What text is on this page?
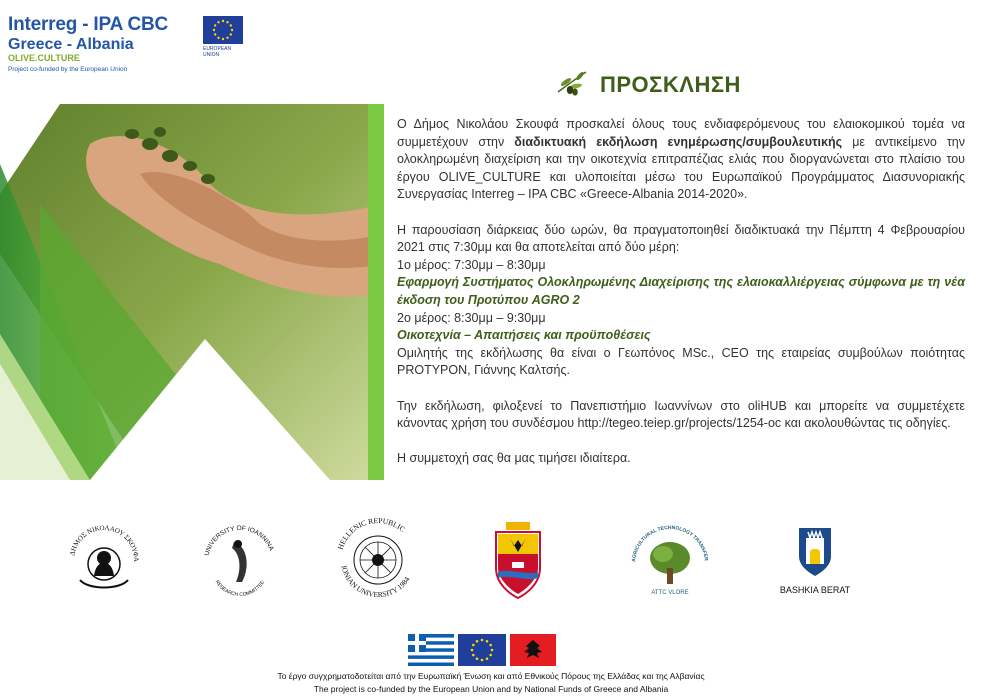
Interreg - IPA CBC
Greece - Albania
OLIVE.CULTURE
Project co-funded by the European Union
EUROPEAN UNION
ΠΡΟΣΚΛΗΣΗ

Ο Δήμος Νικολάου Σκουφά προσκαλεί όλους τους ενδιαφερόμενους του ελαιοκομικού τομέα να συμμετέχουν στην διαδικτυακή εκδήλωση ενημέρωσης/συμβουλευτικής με αντικείμενο την ολοκληρωμένη διαχείριση και την οικοτεχνία επιτραπέζιας ελιάς που διοργανώνεται στο πλαίσιο του έργου OLIVE_CULTURE και υλοποιείται μέσω του Ευρωπαϊκού Προγράμματος Διασυνοριακής Συνεργασίας Interreg – IPA CBC «Greece-Albania 2014-2020».

Η παρουσίαση διάρκειας δύο ωρών, θα πραγματοποιηθεί διαδικτυακά την Πέμπτη 4 Φεβρουαρίου 2021 στις 7:30μμ και θα αποτελείται από δύο μέρη:

1ο μέρος: 7:30μμ – 8:30μμ

Εφαρμογή Συστήματος Ολοκληρωμένης Διαχείρισης της ελαιοκαλλιέργειας σύμφωνα με τη νέα έκδοση του Προτύπου AGRO 2

2ο μέρος: 8:30μμ – 9:30μμ

Οικοτεχνία – Απαιτήσεις και προϋποθέσεις

Ομιλητής της εκδήλωσης θα είναι ο Γεωπόνος MSc., CEO της εταιρείας συμβούλων ποιότητας PROTYPON, Γιάννης Καλτσής.

Την εκδήλωση, φιλοξενεί το Πανεπιστήμιο Ιωαννίνων στο oliHUB και μπορείτε να συμμετέχετε κάνοντας χρήση του συνδέσμου http://tegeo.teiep.gr/projects/1254-oc και ακολουθώντας τις οδηγίες.

Η συμμετοχή σας θα μας τιμήσει ιδιαίτερα.

ΔΗΜΟΣ ΝΙΚΟΛΑΟΥ ΣΚΟΥΦΑ
UNIVERSITY OF IOANNINA
RESEARCH COMMITTEE
HELLENIC REPUBLIC
IONIAN UNIVERSITY 1984
AGRICULTURAL TECHNOLOGY TRANSFER
ATTC VLORE	BASHKIA BERAT
Το έργο συγχρηματοδοτείται από την Ευρωπαϊκή Ένωση και από Εθνικούς Πόρους της Ελλάδας και της Αλβανίας
The project is co-funded by the European Union and by National Funds of Greece and Albania
